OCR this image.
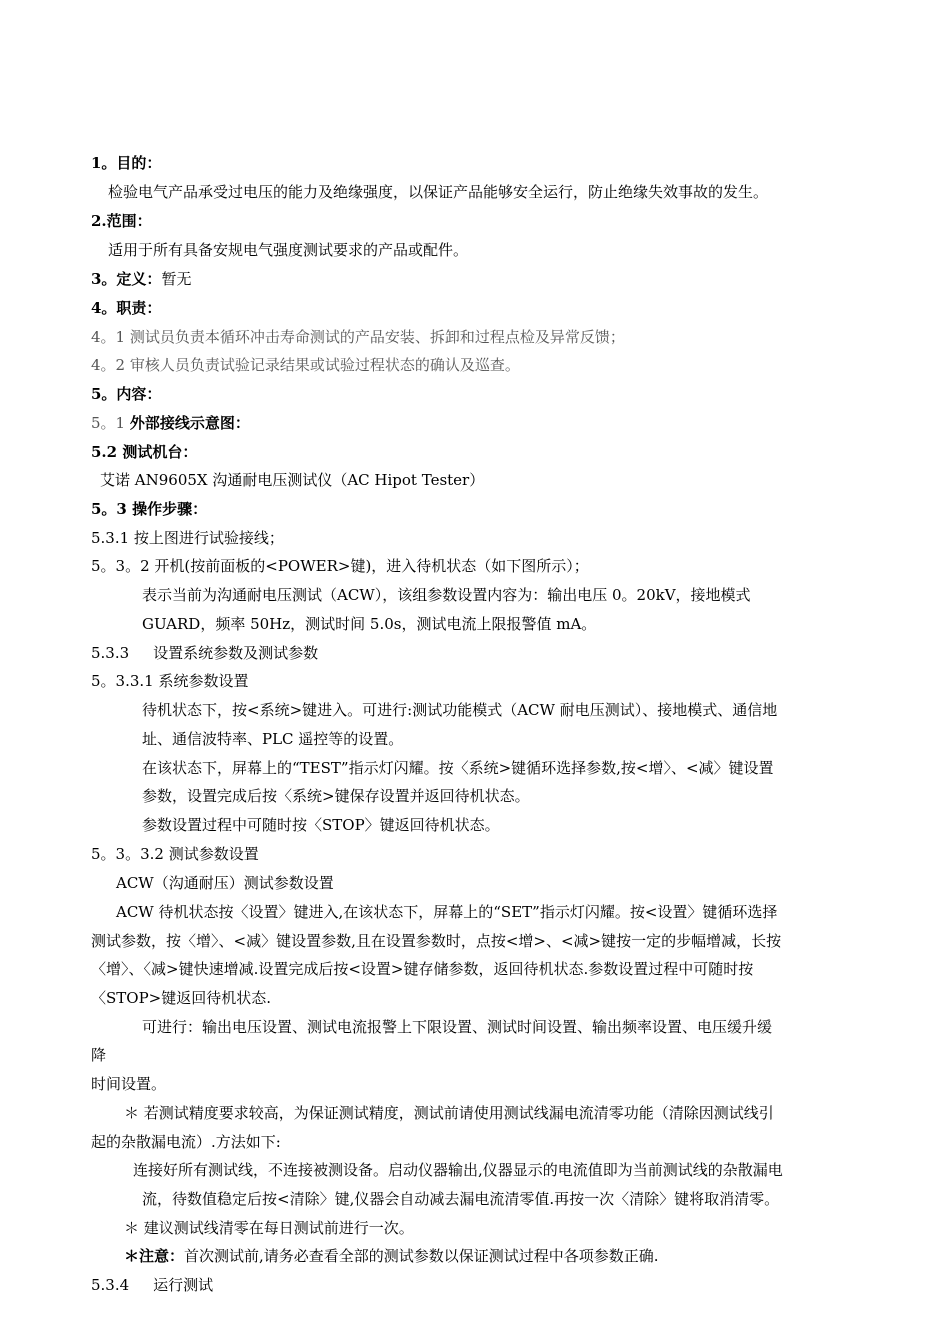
1。目的：

检验电气产品承受过电压的能力及绝缘强度，以保证产品能够安全运行，防止绝缘失效事故的发生。

2.范围：

适用于所有具备安规电气强度测试要求的产品或配件。

3。定义：暂无

4。职责：

4。1 测试员负责本循环冲击寿命测试的产品安装、拆卸和过程点检及异常反馈；

4。2 审核人员负责试验记录结果或试验过程状态的确认及巡查。

5。内容：

5。1 外部接线示意图：

5.2 测试机台：

艾诺 AN9605X 沟通耐电压测试仪（AC Hipot Tester）

5。3 操作步骤：

5.3.1 按上图进行试验接线；

5。3。2 开机(按前面板的<POWER>键)，进入待机状态（如下图所示）；

表示当前为沟通耐电压测试（ACW），该组参数设置内容为：输出电压 0。20kV，接地模式

GUARD，频率 50Hz，测试时间 5.0s，测试电流上限报警值 mA。

5.3.3 设置系统参数及测试参数

5。3.3.1 系统参数设置

待机状态下，按<系统>键进入。可进行:测试功能模式（ACW 耐电压测试）、接地模式、通信地

址、通信波特率、PLC 遥控等的设置。

在该状态下，屏幕上的“TEST”指示灯闪耀。按〈系统>键循环选择参数,按<增〉、<减〉键设置

参数，设置完成后按〈系统>键保存设置并返回待机状态。

参数设置过程中可随时按〈STOP〉键返回待机状态。

5。3。3.2 测试参数设置

ACW（沟通耐压）测试参数设置

ACW 待机状态按〈设置〉键进入,在该状态下，屏幕上的“SET”指示灯闪耀。按<设置〉键循环选择

测试参数，按〈增〉、<减〉键设置参数,且在设置参数时，点按<增>、<减>键按一定的步幅增减，长按

〈增〉、〈减>键快速增减.设置完成后按<设置>键存储参数，返回待机状态.参数设置过程中可随时按

〈STOP>键返回待机状态.

可进行：输出电压设置、测试电流报警上下限设置、测试时间设置、输出频率设置、电压缓升缓

降

时间设置。

＊ 若测试精度要求较高，为保证测试精度，测试前请使用测试线漏电流清零功能（清除因测试线引

起的杂散漏电流）.方法如下:

连接好所有测试线，不连接被测设备。启动仪器输出,仪器显示的电流值即为当前测试线的杂散漏电

流，待数值稳定后按<清除〉键,仪器会自动减去漏电流清零值.再按一次〈清除〉键将取消清零。

＊ 建议测试线清零在每日测试前进行一次。

＊注意：首次测试前,请务必查看全部的测试参数以保证测试过程中各项参数正确.

5.3.4 运行测试
